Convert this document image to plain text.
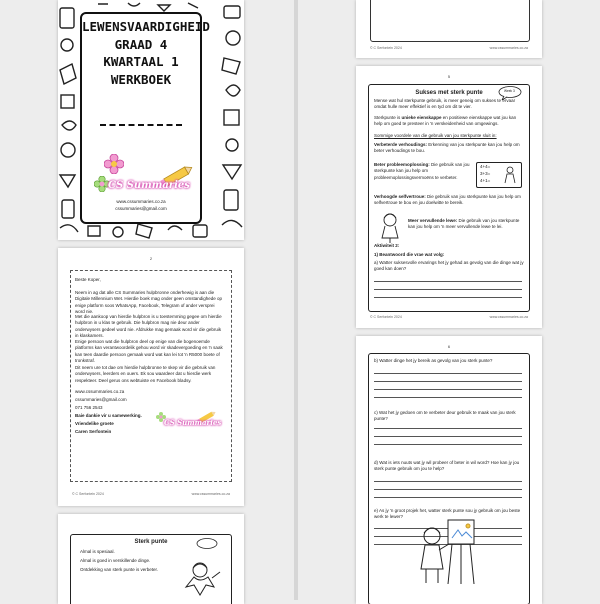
LEWENSVAARDIGHEID
GRAAD 4
KWARTAAL 1
WERKBOEK
CS Summaries
www.cssummaries.co.za
cssummaries@gmail.com
2
Beste Koper,
Neem in ag dat alle CS Summaries hulpbronne onderhewig is aan die Digitale Millennium Wet. Hierdie boek mag onder geen omstandighede op enige platform soos WhatsApp, Facebook, Telegram of ander versprei word nie.
Met die aankoop van hierdie hulpbron is u toestemming gegee om hierdie hulpbron in u klas te gebruik. Die hulpbron mag nie deur ander onderwysers gedeel word nie. Afdrukke mag gemaak word vir die gebruik in klaskamers.
Enige persoon wat die hulpbron deel op enige van die bogenoemde platforms kan verantwoordelik gehou word vir skadevergoeding en 'n saak kan teen daardie persoon gemaak word wat kan lei tot 'n R5000 boete of tronkstraf.
Dit neem ure tot dae om hierdie hulpbronne te skep vir die gebruik van onderwysers, leerders en ouers. Ek sou waardeer dat u hierdie werk respekteer. Deel gerus ons webtuiste en Facebook bladsy.
www.cssummaries.co.za
cssummaries@gmail.com
071 756 2543
Baie dankie vir u samewerking.
Vriendelike groete
Caren Serfontein
CS Summaries
© C Serfontein 2024	www.cssummaries.co.za
Sterk punte
Almal is spesiaal.
Almal is goed in verskillende dinge.
Ontdekking van sterk punte is verbeter.
© C Serfontein 2024	www.cssummaries.co.za
5
Sukses met sterk punte	Week 3
Mense wat hul sterkpunte gebruik, is meer geneig om sukses te ervaar omdat hulle meer effektief is en tyd om dit te vier.
Sterkpunte is unieke eienskappe en positiewe eienskappe wat jou kan help om goed te presteer in 'n verskeidenheid van omgewings.
Sommige voordele van die gebruik van jou sterkpunte sluit in:
Verbeterde verhoudings: Erkenning van jou sterkpunte kan jou help om beter verhoudings te bou.
Beter probleemoplossing: Die gebruik van jou sterkpunte kan jou help om probleemoplossingsvermoëns te verbeter.
4+4=
3+3=
4+1=
Verhoogde selfvertroue: Die gebruik van jou sterkpunte kan jou help om selfvertroue te bou en jou doelwitte te bereik.
Meer vervullende lewe: Die gebruik van jou sterkpunte kan jou help om 'n meer vervullende lewe te lei.
Aktiwiteit 2:
1) Beantwoord die vrae wat volg:
a) Watter suksesvolle ervarings het jy gehad as gevolg van die dinge wat jy goed kan doen?
© C Serfontein 2024	www.cssummaries.co.za
6
b) Watter dinge het jy bereik as gevolg van jou sterk punte?
c) Wat het jy gedoen om te verbeter deur gebruik te maak van jou sterk punte?
d) Wat is iets nuuts wat jy wil probeer of beter in wil word? Hoe kan jy jou sterk punte gebruik om jou te help?
e) As jy 'n groot projek het, watter sterk punte sou jy gebruik om jou beste werk te lewer?
